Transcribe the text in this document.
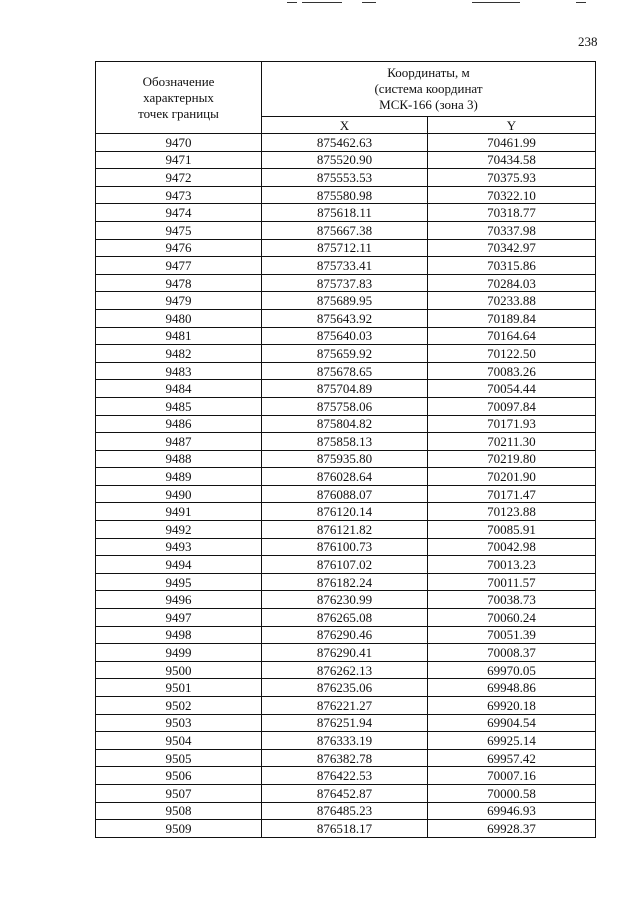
238
Обозначение
характерных
точек границы	Координаты, м
(система координат
МСК-166 (зона 3)	

	X	Y
9470	875462.63	70461.99
9471	875520.90	70434.58
9472	875553.53	70375.93
9473	875580.98	70322.10
9474	875618.11	70318.77
9475	875667.38	70337.98
9476	875712.11	70342.97
9477	875733.41	70315.86
9478	875737.83	70284.03
9479	875689.95	70233.88
9480	875643.92	70189.84
9481	875640.03	70164.64
9482	875659.92	70122.50
9483	875678.65	70083.26
9484	875704.89	70054.44
9485	875758.06	70097.84
9486	875804.82	70171.93
9487	875858.13	70211.30
9488	875935.80	70219.80
9489	876028.64	70201.90
9490	876088.07	70171.47
9491	876120.14	70123.88
9492	876121.82	70085.91
9493	876100.73	70042.98
9494	876107.02	70013.23
9495	876182.24	70011.57
9496	876230.99	70038.73
9497	876265.08	70060.24
9498	876290.46	70051.39
9499	876290.41	70008.37
9500	876262.13	69970.05
9501	876235.06	69948.86
9502	876221.27	69920.18
9503	876251.94	69904.54
9504	876333.19	69925.14
9505	876382.78	69957.42
9506	876422.53	70007.16
9507	876452.87	70000.58
9508	876485.23	69946.93
9509	876518.17	69928.37
